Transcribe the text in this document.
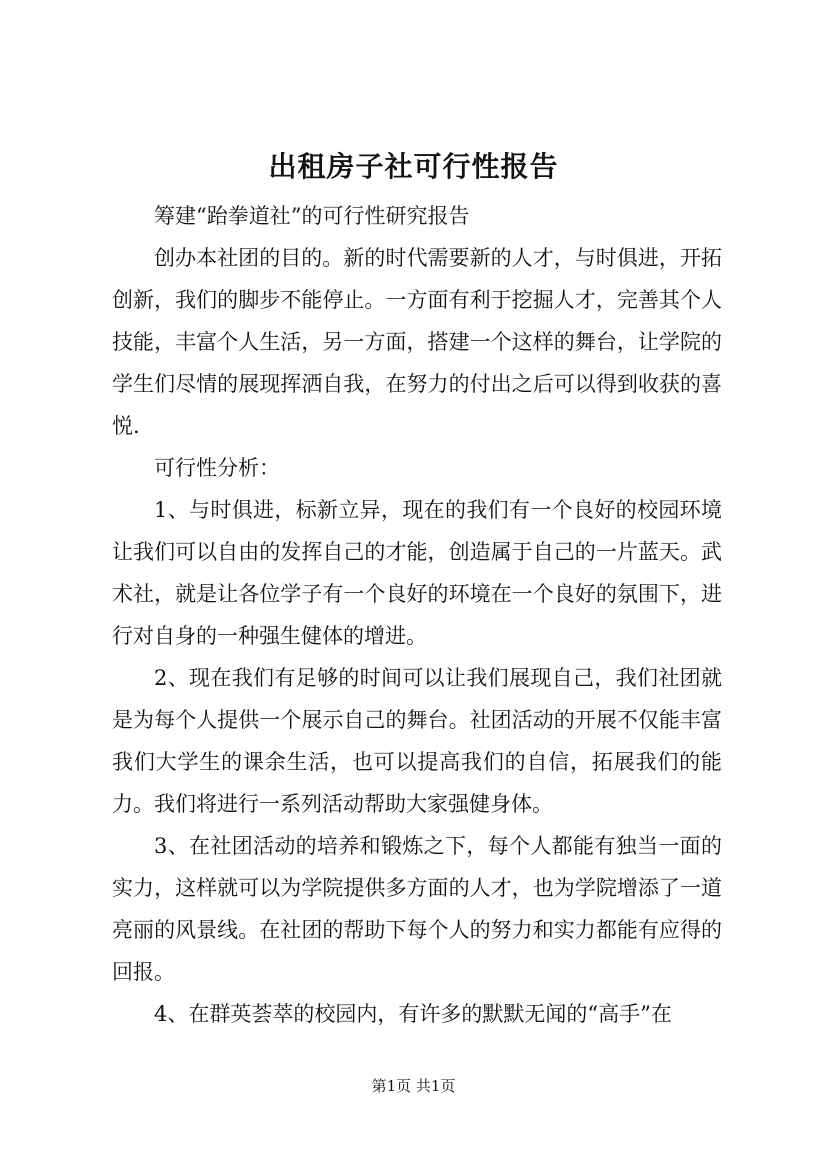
出租房子社可行性报告

筹建“跆拳道社”的可行性研究报告

创办本社团的目的。新的时代需要新的人才，与时俱进，开拓创新，我们的脚步不能停止。一方面有利于挖掘人才，完善其个人技能，丰富个人生活，另一方面，搭建一个这样的舞台，让学院的学生们尽情的展现挥洒自我，在努力的付出之后可以得到收获的喜悦.

可行性分析：

1、与时俱进，标新立异，现在的我们有一个良好的校园环境让我们可以自由的发挥自己的才能，创造属于自己的一片蓝天。武术社，就是让各位学子有一个良好的环境在一个良好的氛围下，进行对自身的一种强生健体的增进。

2、现在我们有足够的时间可以让我们展现自己，我们社团就是为每个人提供一个展示自己的舞台。社团活动的开展不仅能丰富我们大学生的课余生活，也可以提高我们的自信，拓展我们的能力。我们将进行一系列活动帮助大家强健身体。

3、在社团活动的培养和锻炼之下，每个人都能有独当一面的实力，这样就可以为学院提供多方面的人才，也为学院增添了一道亮丽的风景线。在社团的帮助下每个人的努力和实力都能有应得的回报。

4、在群英荟萃的校园内，有许多的默默无闻的“高手”在

第1页 共1页
